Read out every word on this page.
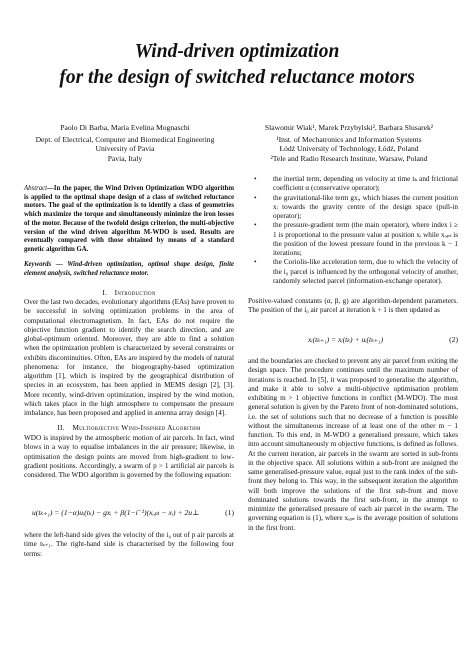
Wind-driven optimization
for the design of switched reluctance motors
Paolo Di Barba, Maria Evelina Mognaschi
Dept. of Electrical, Computer and Biomedical Engineering
University of Pavia
Pavia, Italy
Slawomir Wiak¹, Marek Przybylski², Barbara Slusarek²
¹Inst. of Mechatronics and Information Systems
Łódź University of Technology, Łódź, Poland
²Tele and Radio Research Institute, Warsaw, Poland
Abstract—In the paper, the Wind Driven Optimization WDO algorithm is applied to the optimal shape design of a class of switched reluctance motors. The goal of the optimization is to identify a class of geometries which maximize the torque and simultaneously minimize the iron losses of the motor. Because of the twofold design criterion, the multi-objective version of the wind driven algorithm M-WDO is used. Results are eventually compared with those obtained by means of a standard genetic algorithm GA.
Keywords — Wind-driven optimization, optimal shape design, finite element analysis, switched reluctance motor.
I. Introduction
Over the last two decades, evolutionary algorithms (EAs) have proven to be successful in solving optimization problems in the area of computational electromagnetism. In fact, EAs do not require the objective function gradient to identify the search direction, and are global-optimum oriented. Moreover, they are able to find a solution when the optimization problem is characterized by several constraints or exhibits discontinuities. Often, EAs are inspired by the models of natural phenomena: for instance, the biogeography-based optimization algorithm [1], which is inspired by the geographical distribution of species in an ecosystem, has been applied in MEMS design [2], [3]. More recently, wind-driven optimization, inspired by the wind motion, which takes place in the high atmosphere to compensate the pressure imbalance, has been proposed and applied in antenna array design [4].
II. Multiobjective Wind-Inspired Algorithm
WDO is inspired by the atmospheric motion of air parcels. In fact, wind blows in a way to equalise imbalances in the air pressure; likewise, in optimisation the design points are moved from high-gradient to low-gradient positions. Accordingly, a swarm of p > 1 artificial air parcels is considered. The WDO algorithm is governed by the following equation:
u(tₖ₊₁) = (1−α)uᵢ(tₖ) − gxᵢ + β(1−i⁻¹)(xₒₚₜ − xᵢ) + 2u⊥	(1)
where the left-hand side gives the velocity of the i₀ out of p air parcels at time tₖ₊₁. The right-hand side is characterised by the following four terms:
• the inertial term, depending on velocity at time tₖ and frictional coefficient α (conservative operator);
• the gravitational-like term gxᵢ, which biases the current position xᵢ towards the gravity centre of the design space (pull-in operator);
• the pressure-gradient term (the main operator), where index i ≥ 1 is proportional to the pressure value at position xᵢ while xₒₚₜ is the position of the lowest pressure found in the previous k − 1 iterations;
• the Coriolis-like acceleration term, due to which the velocity of the i₀ parcel is influenced by the orthogonal velocity of another, randomly selected parcel (information-exchange operator).
Positive-valued constants (α, β, g) are algorithm-dependent parameters. The position of the i₀ air parcel at iteration k + 1 is then updated as
xᵢ(tₖ₊₁) = xᵢ(tₖ) + uᵢ(tₖ₊₁)	(2)
and the boundaries are checked to prevent any air parcel from exiting the design space. The procedure continues until the maximum number of iterations is reached. In [5], it was proposed to generalise the algorithm, and make it able to solve a multi-objective optimisation problem exhibiting m > 1 objective functions in conflict (M-WDO). The most general solution is given by the Pareto front of non-dominated solutions, i.e. the set of solutions such that no decrease of a function is possible without the simultaneous increase of at least one of the other m − 1 function. To this end, in M-WDO a generalised pressure, which takes into account simultaneously m objective functions, is defined as follows. At the current iteration, air parcels in the swarm are sorted in sub-fronts in the objective space. All solutions within a sub-front are assigned the same generalised-pressure value, equal just to the rank index of the sub-front they belong to. This way, in the subsequent iteration the algorithm will both improve the solutions of the first sub-front and move dominated solutions towards the first sub-front, in the attempt to minimize the generalised pressure of each air parcel in the swarm. The governing equation is (1), where xₒₚₜ is the average position of solutions in the first front.
